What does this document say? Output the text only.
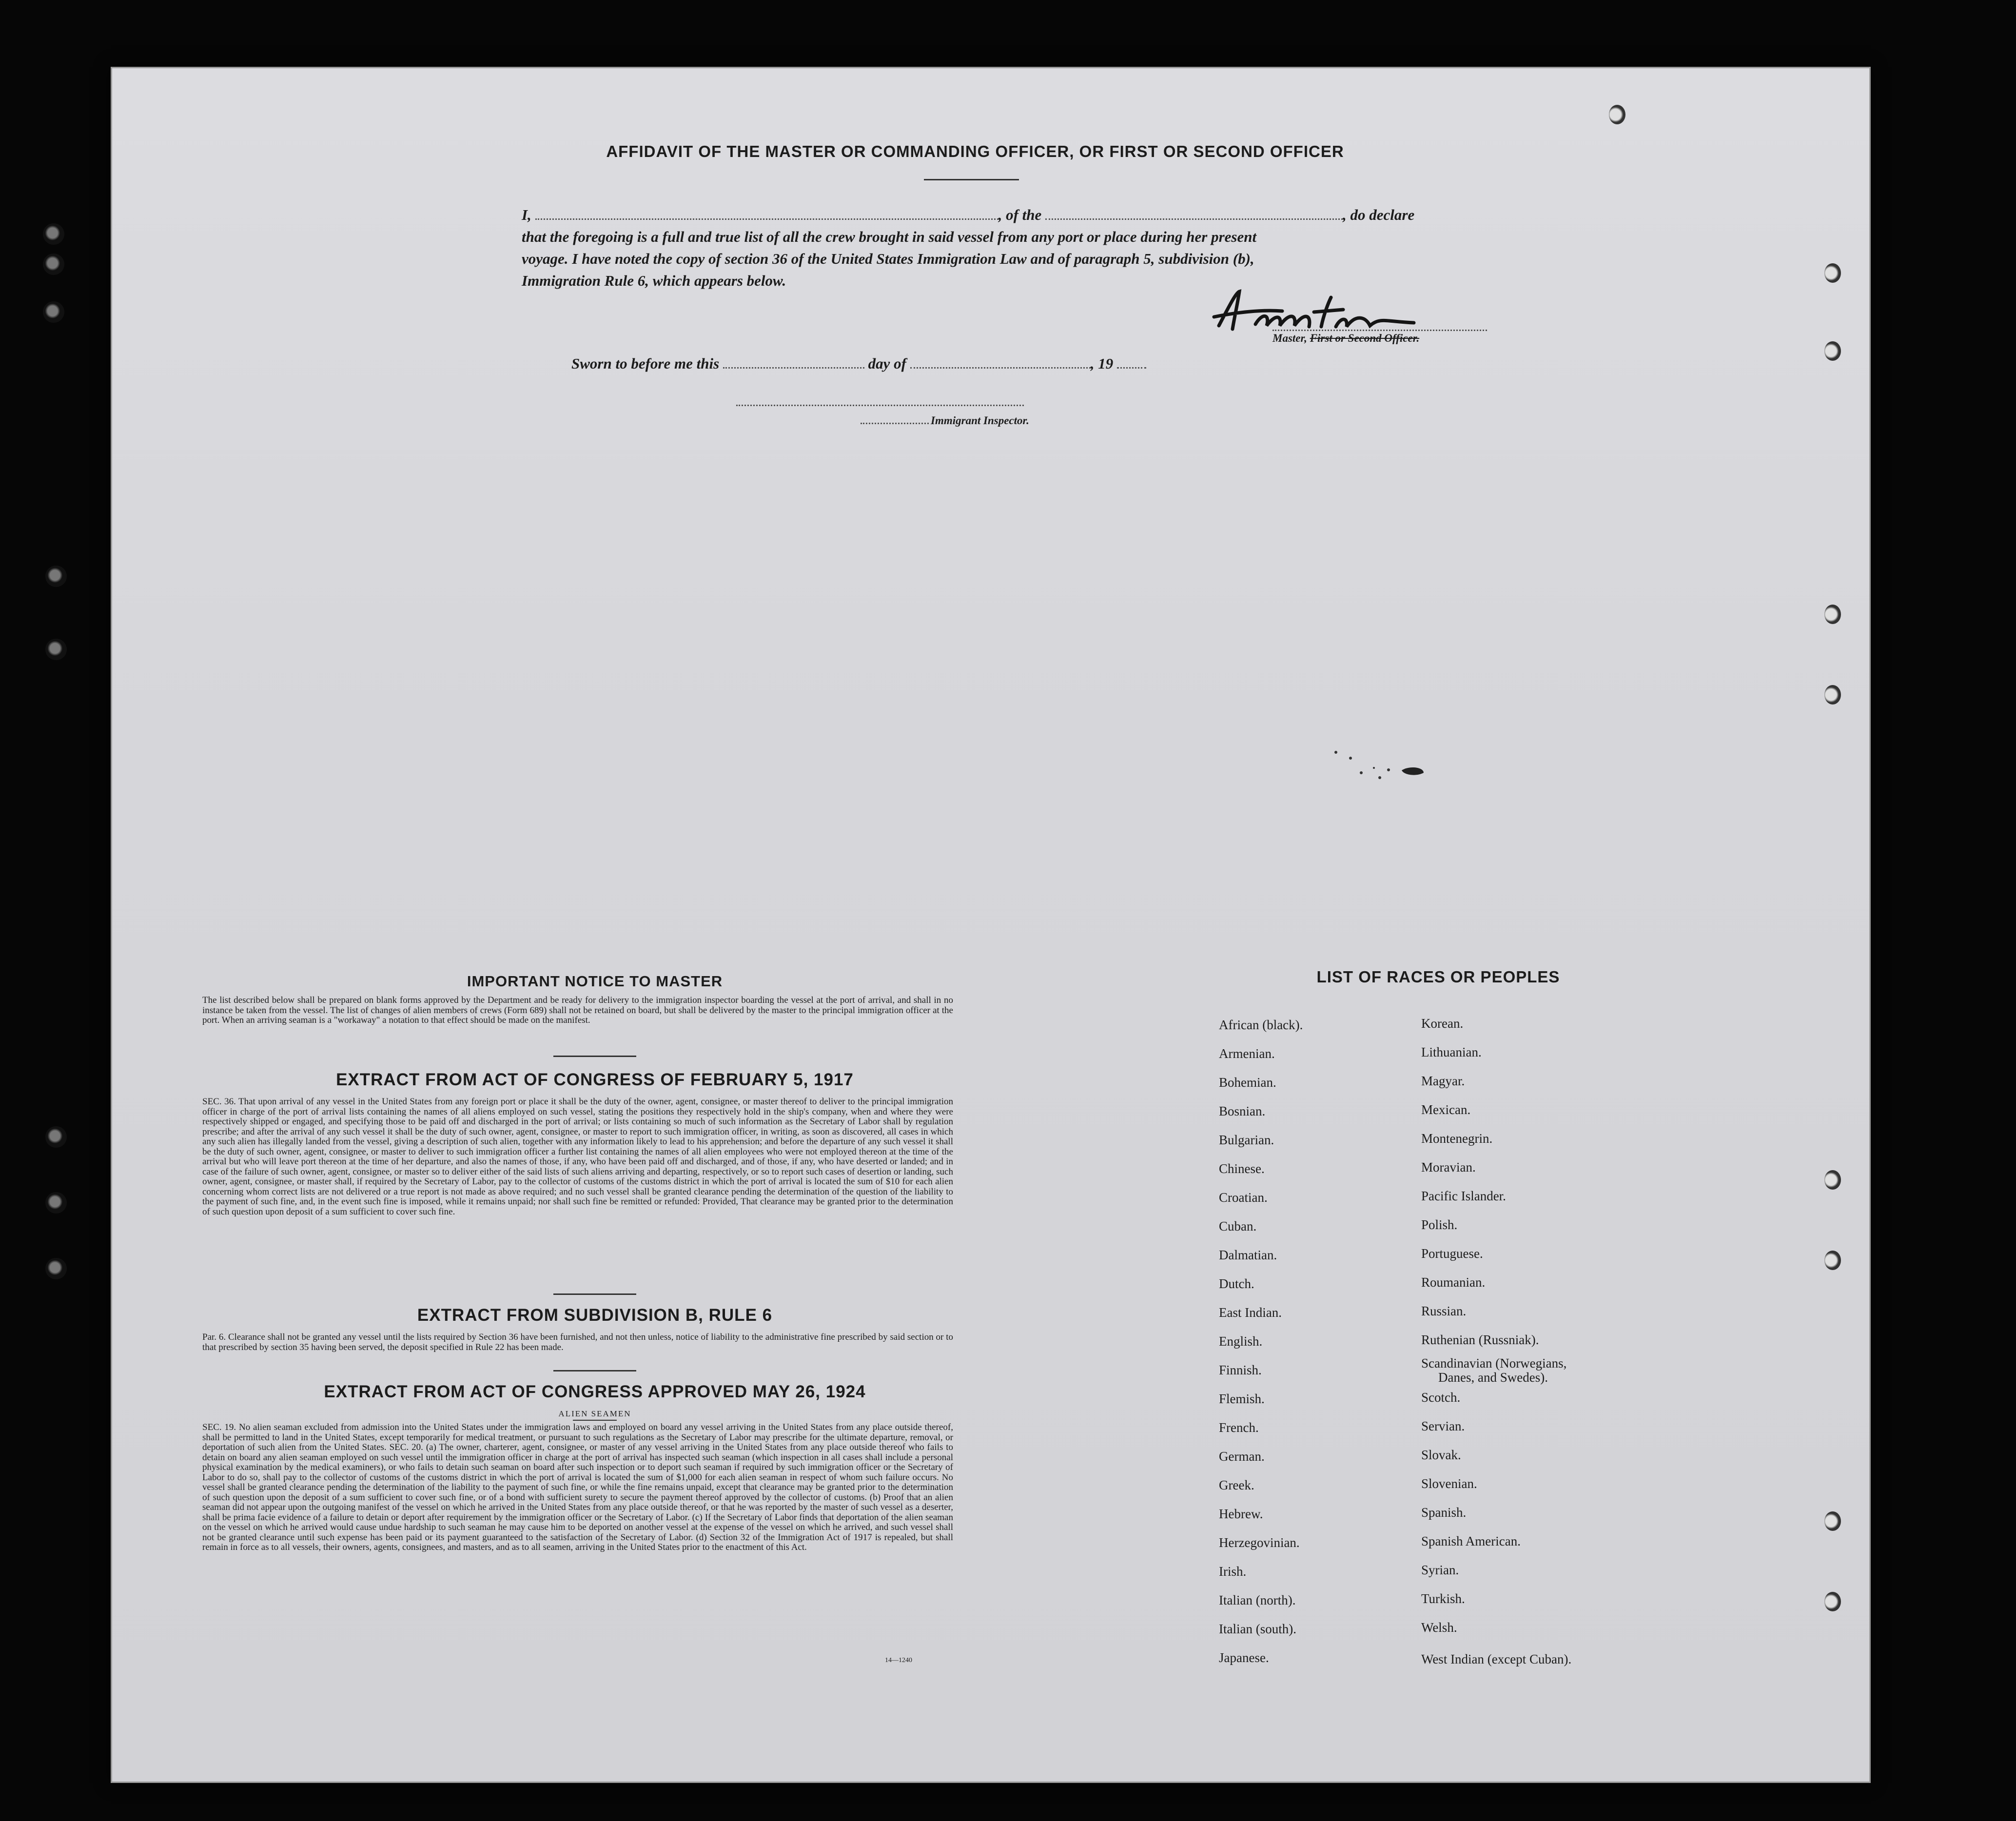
AFFIDAVIT OF THE MASTER OR COMMANDING OFFICER, OR FIRST OR SECOND OFFICER
I,	, of the	, do declare
that the foregoing is a full and true list of all the crew brought in said vessel from any port or place during her present
voyage. I have noted the copy of section 36 of the United States Immigration Law and of paragraph 5, subdivision (b),
Immigration Rule 6, which appears below.
Master, First or Second Officer.
Sworn to before me this	day of	, 19
Immigrant Inspector.
IMPORTANT NOTICE TO MASTER
The list described below shall be prepared on blank forms approved by the Department and be ready for delivery to the immigration inspector boarding the vessel at the port of arrival, and shall in no instance be taken from the vessel. The list of changes of alien members of crews (Form 689) shall not be retained on board, but shall be delivered by the master to the principal immigration officer at the port. When an arriving seaman is a "workaway" a notation to that effect should be made on the manifest.
EXTRACT FROM ACT OF CONGRESS OF FEBRUARY 5, 1917
SEC. 36. That upon arrival of any vessel in the United States from any foreign port or place it shall be the duty of the owner, agent, consignee, or master thereof to deliver to the principal immigration officer in charge of the port of arrival lists containing the names of all aliens employed on such vessel, stating the positions they respectively hold in the ship's company, when and where they were respectively shipped or engaged, and specifying those to be paid off and discharged in the port of arrival; or lists containing so much of such information as the Secretary of Labor shall by regulation prescribe; and after the arrival of any such vessel it shall be the duty of such owner, agent, consignee, or master to report to such immigration officer, in writing, as soon as discovered, all cases in which any such alien has illegally landed from the vessel, giving a description of such alien, together with any information likely to lead to his apprehension; and before the departure of any such vessel it shall be the duty of such owner, agent, consignee, or master to deliver to such immigration officer a further list containing the names of all alien employees who were not employed thereon at the time of the arrival but who will leave port thereon at the time of her departure, and also the names of those, if any, who have been paid off and discharged, and of those, if any, who have deserted or landed; and in case of the failure of such owner, agent, consignee, or master so to deliver either of the said lists of such aliens arriving and departing, respectively, or so to report such cases of desertion or landing, such owner, agent, consignee, or master shall, if required by the Secretary of Labor, pay to the collector of customs of the customs district in which the port of arrival is located the sum of $10 for each alien concerning whom correct lists are not delivered or a true report is not made as above required; and no such vessel shall be granted clearance pending the determination of the question of the liability to the payment of such fine, and, in the event such fine is imposed, while it remains unpaid; nor shall such fine be remitted or refunded: Provided, That clearance may be granted prior to the determination of such question upon deposit of a sum sufficient to cover such fine.
EXTRACT FROM SUBDIVISION B, RULE 6
Par. 6. Clearance shall not be granted any vessel until the lists required by Section 36 have been furnished, and not then unless, notice of liability to the administrative fine prescribed by said section or to that prescribed by section 35 having been served, the deposit specified in Rule 22 has been made.
EXTRACT FROM ACT OF CONGRESS APPROVED MAY 26, 1924
ALIEN SEAMEN
SEC. 19. No alien seaman excluded from admission into the United States under the immigration laws and employed on board any vessel arriving in the United States from any place outside thereof, shall be permitted to land in the United States, except temporarily for medical treatment, or pursuant to such regulations as the Secretary of Labor may prescribe for the ultimate departure, removal, or deportation of such alien from the United States. SEC. 20. (a) The owner, charterer, agent, consignee, or master of any vessel arriving in the United States from any place outside thereof who fails to detain on board any alien seaman employed on such vessel until the immigration officer in charge at the port of arrival has inspected such seaman (which inspection in all cases shall include a personal physical examination by the medical examiners), or who fails to detain such seaman on board after such inspection or to deport such seaman if required by such immigration officer or the Secretary of Labor to do so, shall pay to the collector of customs of the customs district in which the port of arrival is located the sum of $1,000 for each alien seaman in respect of whom such failure occurs. No vessel shall be granted clearance pending the determination of the liability to the payment of such fine, or while the fine remains unpaid, except that clearance may be granted prior to the determination of such question upon the deposit of a sum sufficient to cover such fine, or of a bond with sufficient surety to secure the payment thereof approved by the collector of customs. (b) Proof that an alien seaman did not appear upon the outgoing manifest of the vessel on which he arrived in the United States from any place outside thereof, or that he was reported by the master of such vessel as a deserter, shall be prima facie evidence of a failure to detain or deport after requirement by the immigration officer or the Secretary of Labor. (c) If the Secretary of Labor finds that deportation of the alien seaman on the vessel on which he arrived would cause undue hardship to such seaman he may cause him to be deported on another vessel at the expense of the vessel on which he arrived, and such vessel shall not be granted clearance until such expense has been paid or its payment guaranteed to the satisfaction of the Secretary of Labor. (d) Section 32 of the Immigration Act of 1917 is repealed, but shall remain in force as to all vessels, their owners, agents, consignees, and masters, and as to all seamen, arriving in the United States prior to the enactment of this Act.
14—1240
LIST OF RACES OR PEOPLES
African (black).
Armenian.
Bohemian.
Bosnian.
Bulgarian.
Chinese.
Croatian.
Cuban.
Dalmatian.
Dutch.
East Indian.
English.
Finnish.
Flemish.
French.
German.
Greek.
Hebrew.
Herzegovinian.
Irish.
Italian (north).
Italian (south).
Japanese.
Korean.
Lithuanian.
Magyar.
Mexican.
Montenegrin.
Moravian.
Pacific Islander.
Polish.
Portuguese.
Roumanian.
Russian.
Ruthenian (Russniak).
Scandinavian (Norwegians,
Danes, and Swedes).
Scotch.
Servian.
Slovak.
Slovenian.
Spanish.
Spanish American.
Syrian.
Turkish.
Welsh.
West Indian (except Cuban).
